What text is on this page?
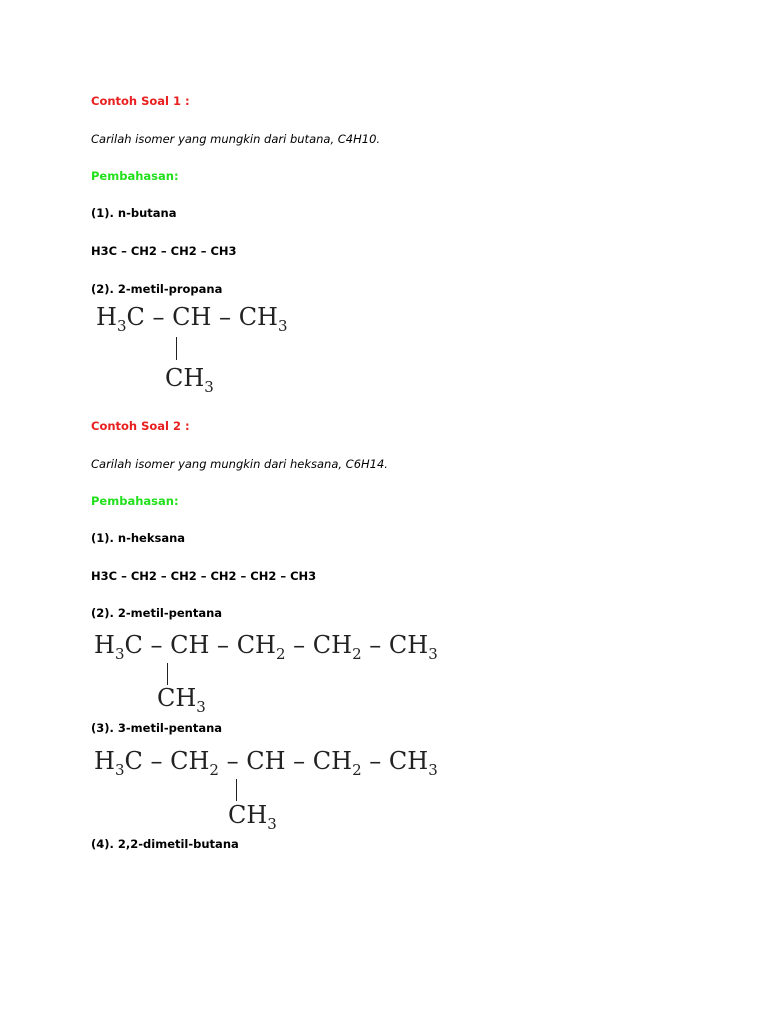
Contoh Soal 1 :
Carilah isomer yang mungkin dari butana, C4H10.
Pembahasan:
(1). n-butana
H3C – CH2 – CH2 – CH3
(2). 2-metil-propana
$H_3C$ – CH – $CH_3$
$CH_3$
Contoh Soal 2 :
Carilah isomer yang mungkin dari heksana, C6H14.
Pembahasan:
(1). n-heksana
H3C – CH2 – CH2 – CH2 – CH2 – CH3
(2). 2-metil-pentana
$H_3C$ – CH – $CH_2 - CH_2 - CH_3$
$CH_3$
(3). 3-metil-pentana
$H_3C - CH_2$ – CH – $CH_2 - CH_3$
$CH_3$
(4). 2,2-dimetil-butana
